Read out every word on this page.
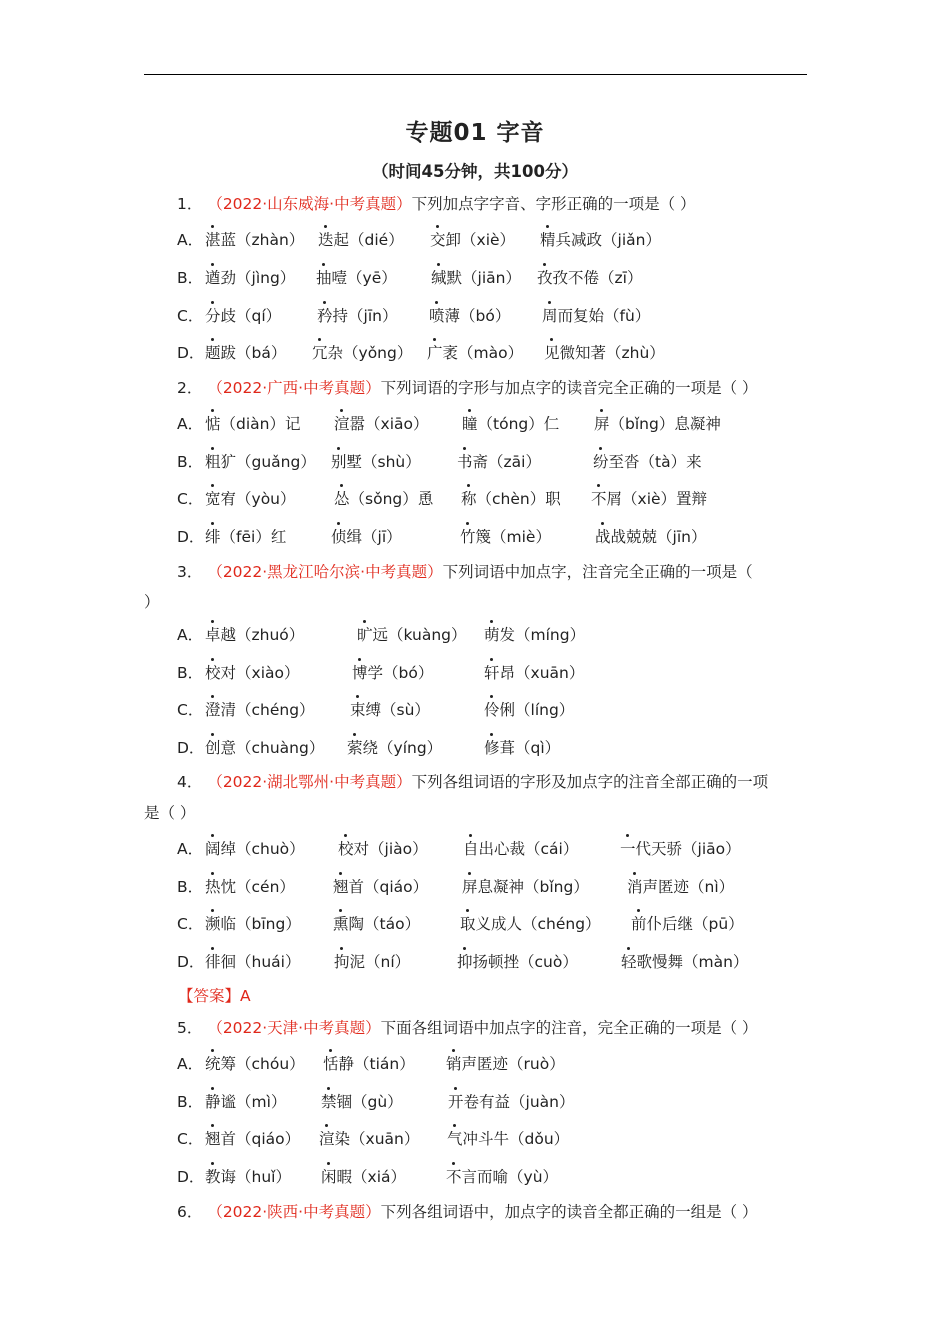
专题01 字音
（时间45分钟，共100分）
1． （2022·山东威海·中考真题）下列加点字字音、字形正确的一项是（ ）
A． 湛蓝（zhàn） 迭起（dié） 交卸（xiè） 精兵减政（jiǎn）
B． 遒劲（jìng） 抽噎（yē） 缄默（jiān） 孜孜不倦（zī）
C． 分歧（qí） 矜持（jīn） 喷薄（bó） 周而复始（fù）
D． 题跋（bá） 冗杂（yǒng） 广袤（mào） 见微知著（zhù）
2． （2022·广西·中考真题）下列词语的字形与加点字的读音完全正确的一项是（ ）
A． 惦（diàn）记 渲嚣（xiāo） 瞳（tóng）仁 屏（bǐng）息凝神
B． 粗犷（guǎng） 别墅（shù） 书斋（zāi）	纷至沓（tà）来
C． 宽宥（yòu） 怂（sǒng）恿 称（chèn）职 不屑（xiè）置辩
D． 绯（fēi）红	侦缉（jī）	竹篾（miè）	战战兢兢（jīn）
3． （2022·黑龙江哈尔滨·中考真题）下列词语中加点字，注音完全正确的一项是（
）
A． 卓越（zhuó）	旷远（kuàng） 萌发（míng）
B． 校对（xiào）	博学（bó）	轩昂（xuān）
C． 澄清（chéng） 束缚（sù）	伶俐（líng）
D． 创意（chuàng） 萦绕（yíng）	修葺（qì）
4． （2022·湖北鄂州·中考真题）下列各组词语的字形及加点字的注音全部正确的一项
是（ ）
A． 阔绰（chuò） 校对（jiào） 自出心裁（cái）	一代天骄（jiāo）
B． 热忱（cén） 翘首（qiáo） 屏息凝神（bǐng） 消声匿迹（nì）
C． 濒临（bīng） 熏陶（táo）	取义成人（chéng） 前仆后继（pū）
D． 徘徊（huái） 拘泥（ní）	抑扬顿挫（cuò）	轻歌慢舞（màn）
【答案】A
5． （2022·天津·中考真题）下面各组词语中加点字的注音，完全正确的一项是（ ）
A． 统筹（chóu） 恬静（tián） 销声匿迹（ruò）
B． 静谧（mì） 禁锢（gù）	开卷有益（juàn）
C． 翘首（qiáo） 渲染（xuān） 气冲斗牛（dǒu）
D． 教诲（huǐ） 闲暇（xiá）	不言而喻（yù）
6． （2022·陕西·中考真题）下列各组词语中，加点字的读音全都正确的一组是（ ）
